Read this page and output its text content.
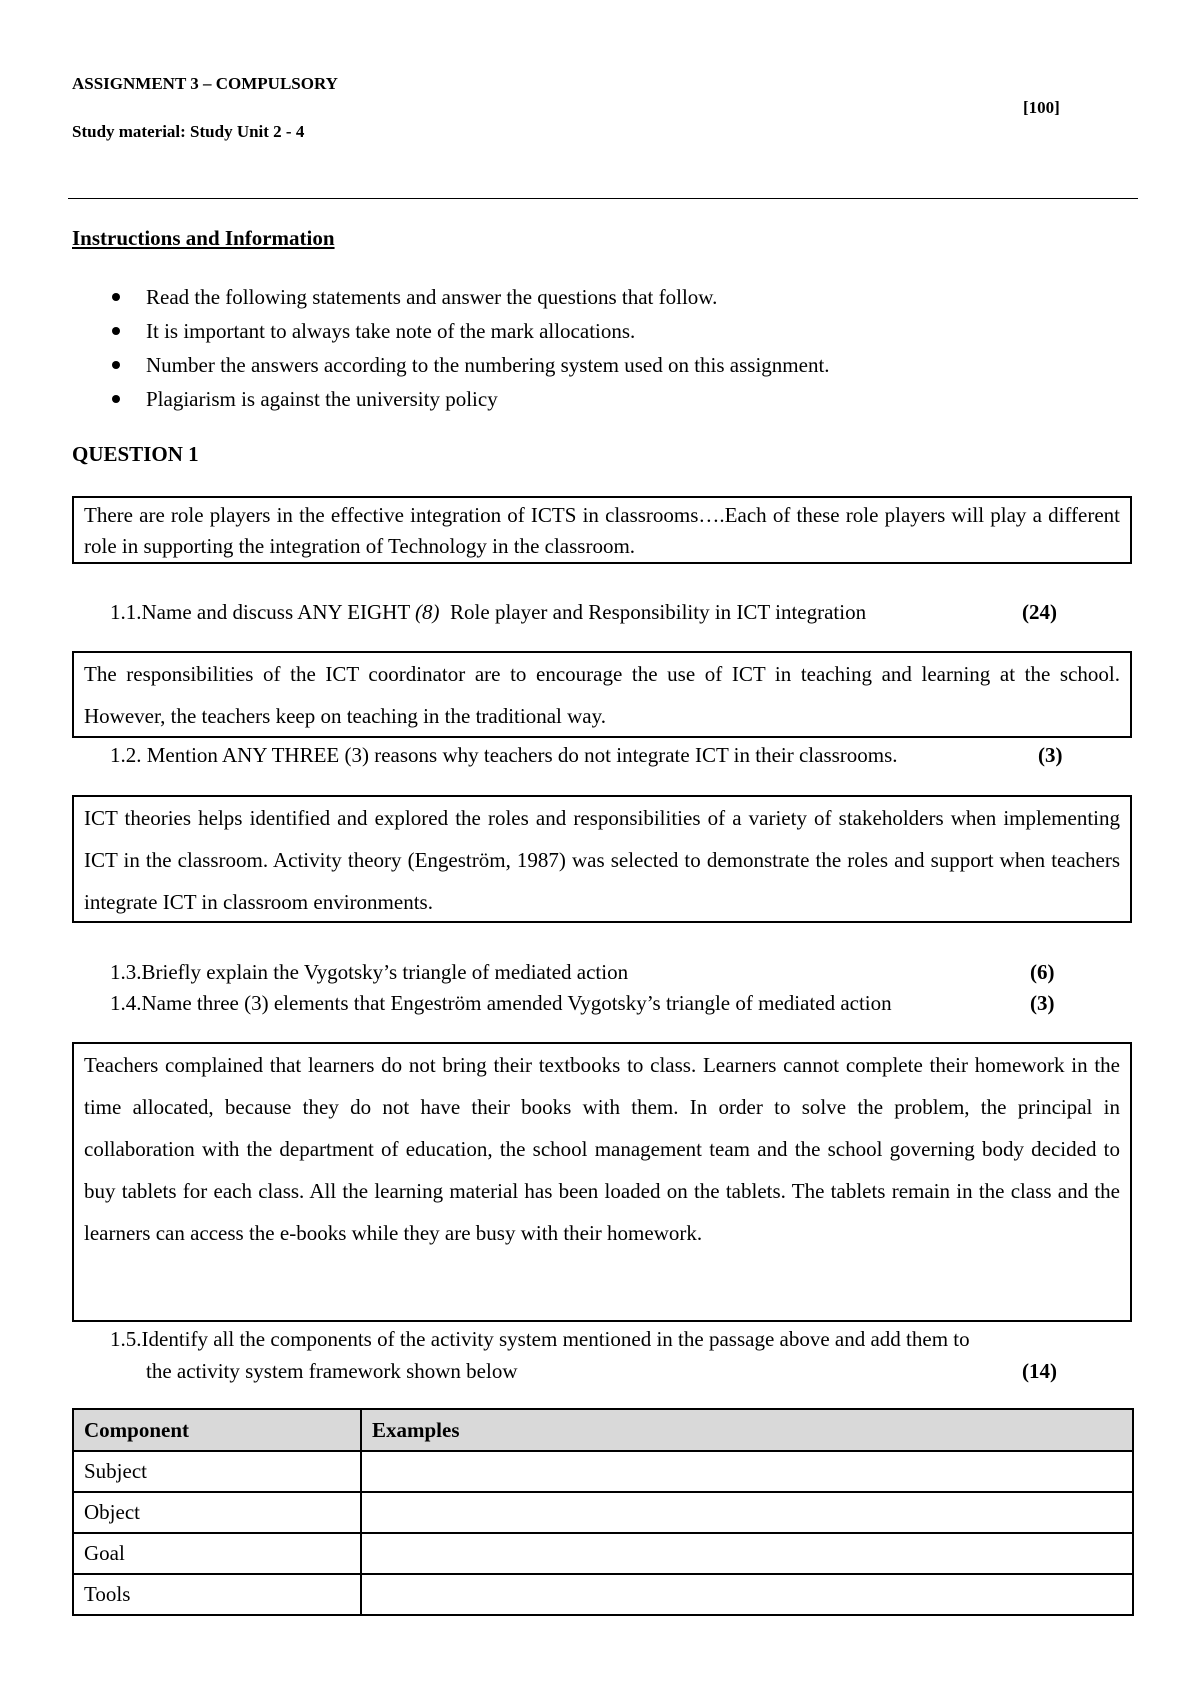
ASSIGNMENT 3 – COMPULSORY
Study material: Study Unit 2 - 4
[100]
Instructions and Information
Read the following statements and answer the questions that follow.
It is important to always take note of the mark allocations.
Number the answers according to the numbering system used on this assignment.
Plagiarism is against the university policy
QUESTION 1

There are role players in the effective integration of ICTS in classrooms….Each of these role players will play a different role in supporting the integration of Technology in the classroom.

1.1.Name and discuss ANY EIGHT (8)  Role player and Responsibility in ICT integration	(24)

The responsibilities of the ICT coordinator are to encourage the use of ICT in teaching and learning at the school. However, the teachers keep on teaching in the traditional way.

1.2. Mention ANY THREE (3) reasons why teachers do not integrate ICT in their classrooms.	(3)

ICT theories helps identified and explored the roles and responsibilities of a variety of stakeholders when implementing ICT in the classroom. Activity theory (Engeström, 1987) was selected to demonstrate the roles and support when teachers integrate ICT in classroom environments.

1.3.Briefly explain the Vygotsky’s triangle of mediated action	(6)
1.4.Name three (3) elements that Engeström amended Vygotsky’s triangle of mediated action	(3)

Teachers complained that learners do not bring their textbooks to class. Learners cannot complete their homework in the time allocated, because they do not have their books with them. In order to solve the problem, the principal in collaboration with the department of education, the school management team and the school governing body decided to buy tablets for each class. All the learning material has been loaded on the tablets. The tablets remain in the class and the learners can access the e-books while they are busy with their homework.

1.5.Identify all the components of the activity system mentioned in the passage above and add them to
the activity system framework shown below	(14)
Component	Examples
Subject	
Object	
Goal	
Tools	
